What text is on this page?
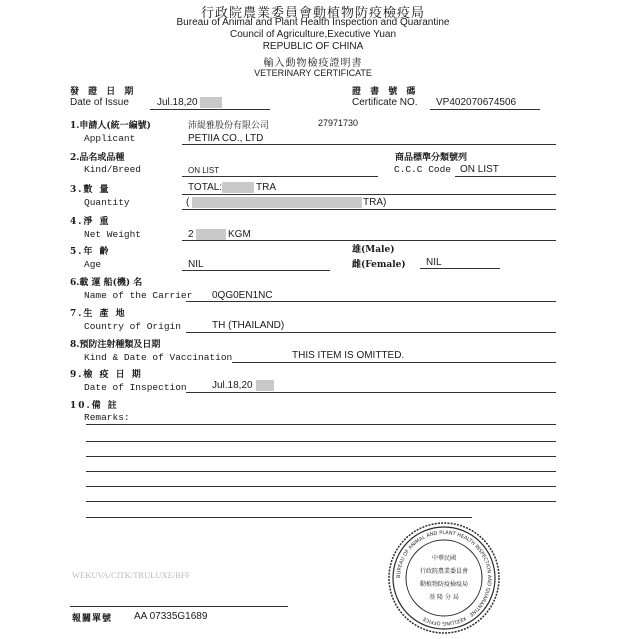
行政院農業委員會動植物防疫檢疫局
Bureau of Animal and Plant Health Inspection and Quarantine
Council of Agriculture,Executive Yuan
REPUBLIC OF CHINA
輸入動物檢疫證明書
VETERINARY CERTIFICATE
發 證 日 期
Date of Issue	Jul.18,20
證 書 號 碼
Certificate NO. VP402070674506
1.申請人(統一編號)
Applicant
沛緹雅股份有限公司	27971730
PETIIA CO., LTD
2.品名或品種
Kind/Breed	ON LIST
商品標準分類號列
C.C.C Code ON LIST
3.數 量
Quantity
TOTAL:	TRA
(	TRA)
4.淨 重
Net Weight	2	KGM
5.年 齡
Age	NIL
雄(Male)
雌(Female) NIL
6.載 運 船(機) 名
Name of the Carrier 0QG0EN1NC
7.生 產 地
Country of Origin	TH (THAILAND)
8.預防注射種類及日期
Kind & Date of Vaccination	THIS ITEM IS OMITTED.
9.檢 疫 日 期
Date of Inspection	Jul.18,20
10.備 註
Remarks:
WEKUVA/CITK/TRULUXE/BFF
報關單號 AA 07335G1689
BUREAU OF ANIMAL AND PLANT HEALTH INSPECTION AND QUARANTINE · KEELUNG OFFICE
中華民國
行政院農業委員會
動植物防疫檢疫局
基 隆 分 局
